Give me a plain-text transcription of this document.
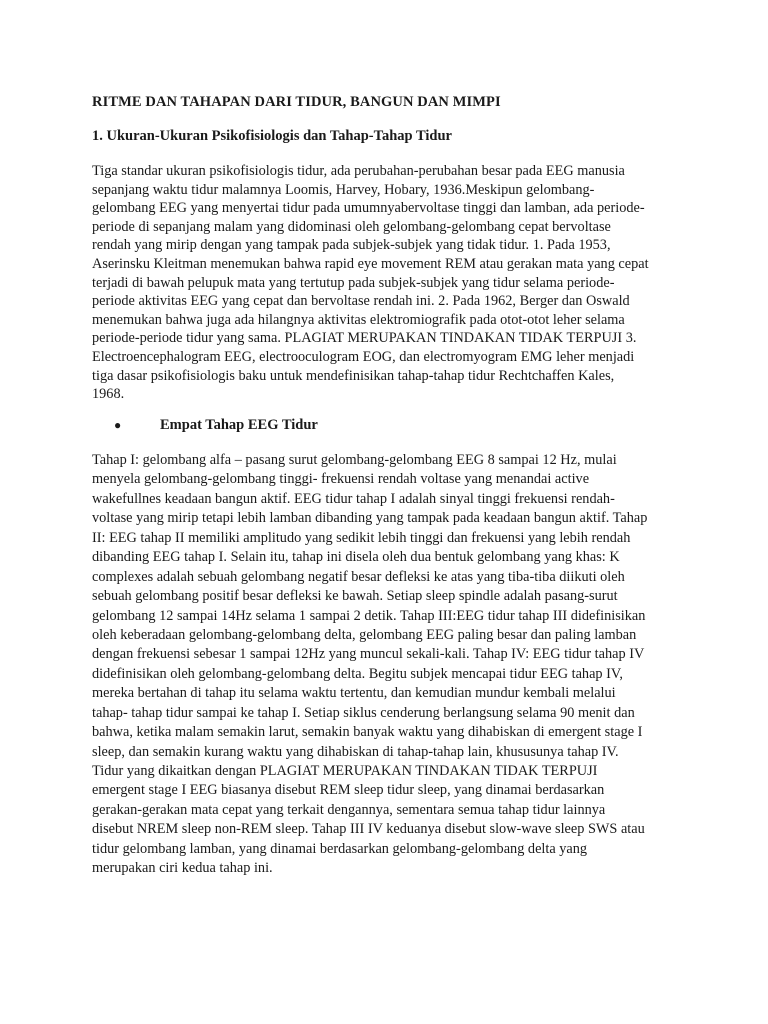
RITME DAN TAHAPAN DARI TIDUR, BANGUN DAN MIMPI
1. Ukuran-Ukuran Psikofisiologis dan Tahap-Tahap Tidur
Tiga standar ukuran psikofisiologis tidur, ada perubahan-perubahan besar pada EEG manusia
sepanjang waktu tidur malamnya Loomis, Harvey, Hobary, 1936.Meskipun gelombang-
gelombang EEG yang menyertai tidur pada umumnyabervoltase tinggi dan lamban, ada periode-
periode di sepanjang malam yang didominasi oleh gelombang-gelombang cepat bervoltase
rendah yang mirip dengan yang tampak pada subjek-subjek yang tidak tidur. 1. Pada 1953,
Aserinsku Kleitman menemukan bahwa rapid eye movement REM atau gerakan mata yang cepat
terjadi di bawah pelupuk mata yang tertutup pada subjek-subjek yang tidur selama periode-
periode aktivitas EEG yang cepat dan bervoltase rendah ini. 2. Pada 1962, Berger dan Oswald
menemukan bahwa juga ada hilangnya aktivitas elektromiografik pada otot-otot leher selama
periode-periode tidur yang sama. PLAGIAT MERUPAKAN TINDAKAN TIDAK TERPUJI 3.
Electroencephalogram EEG, electrooculogram EOG, dan electromyogram EMG leher menjadi
tiga dasar psikofisiologis baku untuk mendefinisikan tahap-tahap tidur Rechtchaffen Kales,
1968.
●	Empat Tahap EEG Tidur
Tahap I: gelombang alfa – pasang surut gelombang-gelombang EEG 8 sampai 12 Hz, mulai
menyela gelombang-gelombang tinggi- frekuensi rendah voltase yang menandai active
wakefullnes keadaan bangun aktif. EEG tidur tahap I adalah sinyal tinggi frekuensi rendah-
voltase yang mirip tetapi lebih lamban dibanding yang tampak pada keadaan bangun aktif. Tahap
II: EEG tahap II memiliki amplitudo yang sedikit lebih tinggi dan frekuensi yang lebih rendah
dibanding EEG tahap I. Selain itu, tahap ini disela oleh dua bentuk gelombang yang khas: K
complexes adalah sebuah gelombang negatif besar defleksi ke atas yang tiba-tiba diikuti oleh
sebuah gelombang positif besar defleksi ke bawah. Setiap sleep spindle adalah pasang-surut
gelombang 12 sampai 14Hz selama 1 sampai 2 detik. Tahap III:EEG tidur tahap III didefinisikan
oleh keberadaan gelombang-gelombang delta, gelombang EEG paling besar dan paling lamban
dengan frekuensi sebesar 1 sampai 12Hz yang muncul sekali-kali. Tahap IV: EEG tidur tahap IV
didefinisikan oleh gelombang-gelombang delta. Begitu subjek mencapai tidur EEG tahap IV,
mereka bertahan di tahap itu selama waktu tertentu, dan kemudian mundur kembali melalui
tahap- tahap tidur sampai ke tahap I. Setiap siklus cenderung berlangsung selama 90 menit dan
bahwa, ketika malam semakin larut, semakin banyak waktu yang dihabiskan di emergent stage I
sleep, dan semakin kurang waktu yang dihabiskan di tahap-tahap lain, khususunya tahap IV.
Tidur yang dikaitkan dengan PLAGIAT MERUPAKAN TINDAKAN TIDAK TERPUJI
emergent stage I EEG biasanya disebut REM sleep tidur sleep, yang dinamai berdasarkan
gerakan-gerakan mata cepat yang terkait dengannya, sementara semua tahap tidur lainnya
disebut NREM sleep non-REM sleep. Tahap III IV keduanya disebut slow-wave sleep SWS atau
tidur gelombang lamban, yang dinamai berdasarkan gelombang-gelombang delta yang
merupakan ciri kedua tahap ini.
